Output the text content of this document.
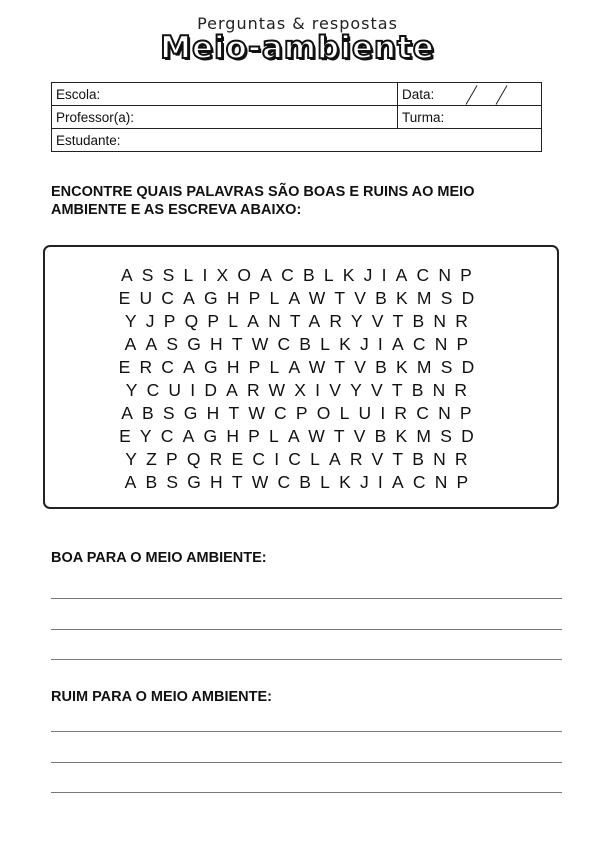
Perguntas & respostas
Meio-ambiente
Escola:	Data:

Professor(a):	Turma:
Estudante:	
ENCONTRE QUAIS PALAVRAS SÃO BOAS E RUINS AO MEIO
AMBIENTE E AS ESCREVA ABAIXO:
ASSLIXOACBLKJIACNP
EUCAGHPLAWTVBKMSD
YJPQPLANTARYVTBNR
AASGHTWCBLKJIACNP
ERCAGHPLAWTVBKMSD
YCUIDARWXIVYVTBNR
ABSGHTWCPOLUIRCNP
EYCAGHPLAWTVBKMSD
YZPQRECICLARVTBNR
ABSGHTWCBLKJIACNP
BOA PARA O MEIO AMBIENTE:
RUIM PARA O MEIO AMBIENTE:
